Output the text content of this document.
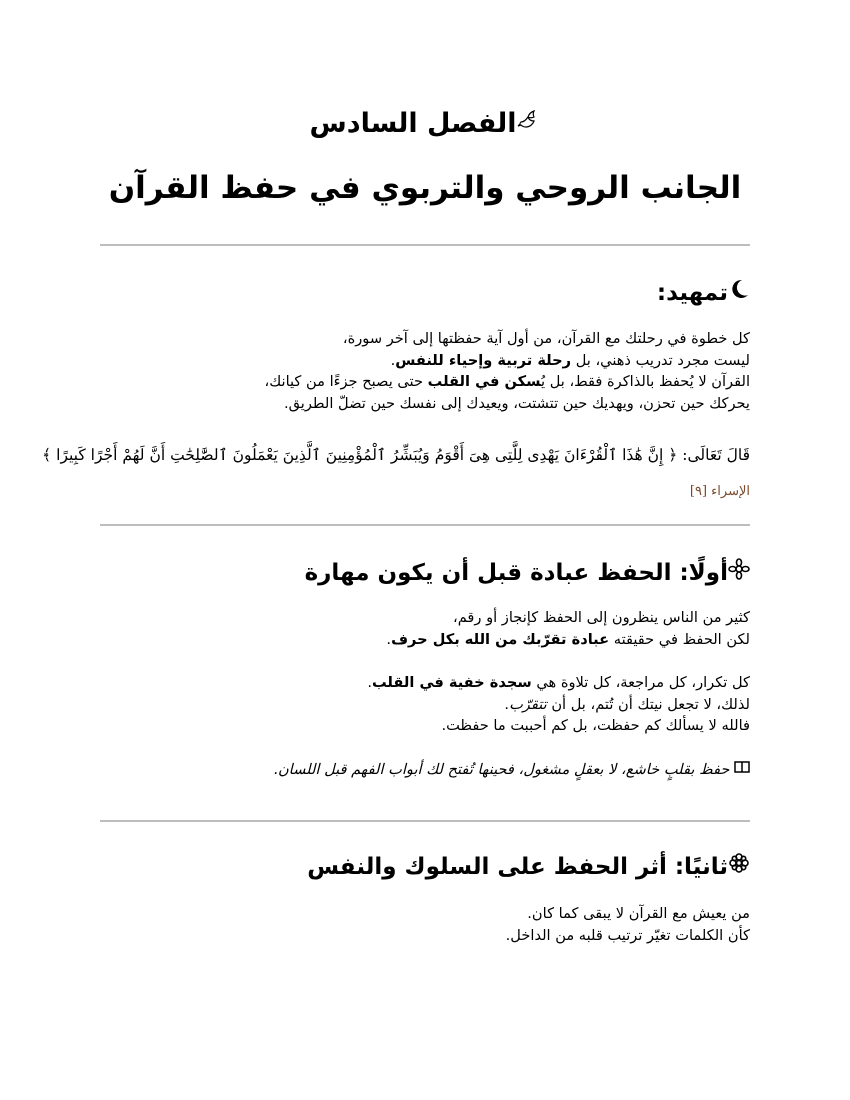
الفصل السادس
الجانب الروحي والتربوي في حفظ القرآن
تمهيد:

كل خطوة في رحلتك مع القرآن، من أول آية حفظتها إلى آخر سورة،

ليست مجرد تدريب ذهني، بل رحلة تربية وإحياء للنفس.

القرآن لا يُحفظ بالذاكرة فقط، بل يُسكن في القلب حتى يصبح جزءًا من كيانك،

يحركك حين تحزن، ويهديك حين تتشتت، ويعيدك إلى نفسك حين تضلّ الطريق.

قَالَ تَعَالَى: ﴿ إِنَّ هَٰذَا ٱلْقُرْءَانَ يَهْدِى لِلَّتِى هِىَ أَقْوَمُ وَيُبَشِّرُ ٱلْمُؤْمِنِينَ ٱلَّذِينَ يَعْمَلُونَ ٱلصَّٰلِحَٰتِ أَنَّ لَهُمْ أَجْرًا كَبِيرًا ﴾
الإسراء [٩]
أولًا: الحفظ عبادة قبل أن يكون مهارة

كثير من الناس ينظرون إلى الحفظ كإنجاز أو رقم،

لكن الحفظ في حقيقته عبادة تقرّبك من الله بكل حرف.

كل تكرار، كل مراجعة، كل تلاوة هي سجدة خفية في القلب.

لذلك، لا تجعل نيتك أن تُتم، بل أن تتقرّب.

فالله لا يسألك كم حفظت، بل كم أحببت ما حفظت.

حفظ بقلبٍ خاشع، لا بعقلٍ مشغول، فحينها تُفتح لك أبواب الفهم قبل اللسان.
ثانيًا: أثر الحفظ على السلوك والنفس

من يعيش مع القرآن لا يبقى كما كان.

كأن الكلمات تغيّر ترتيب قلبه من الداخل.
